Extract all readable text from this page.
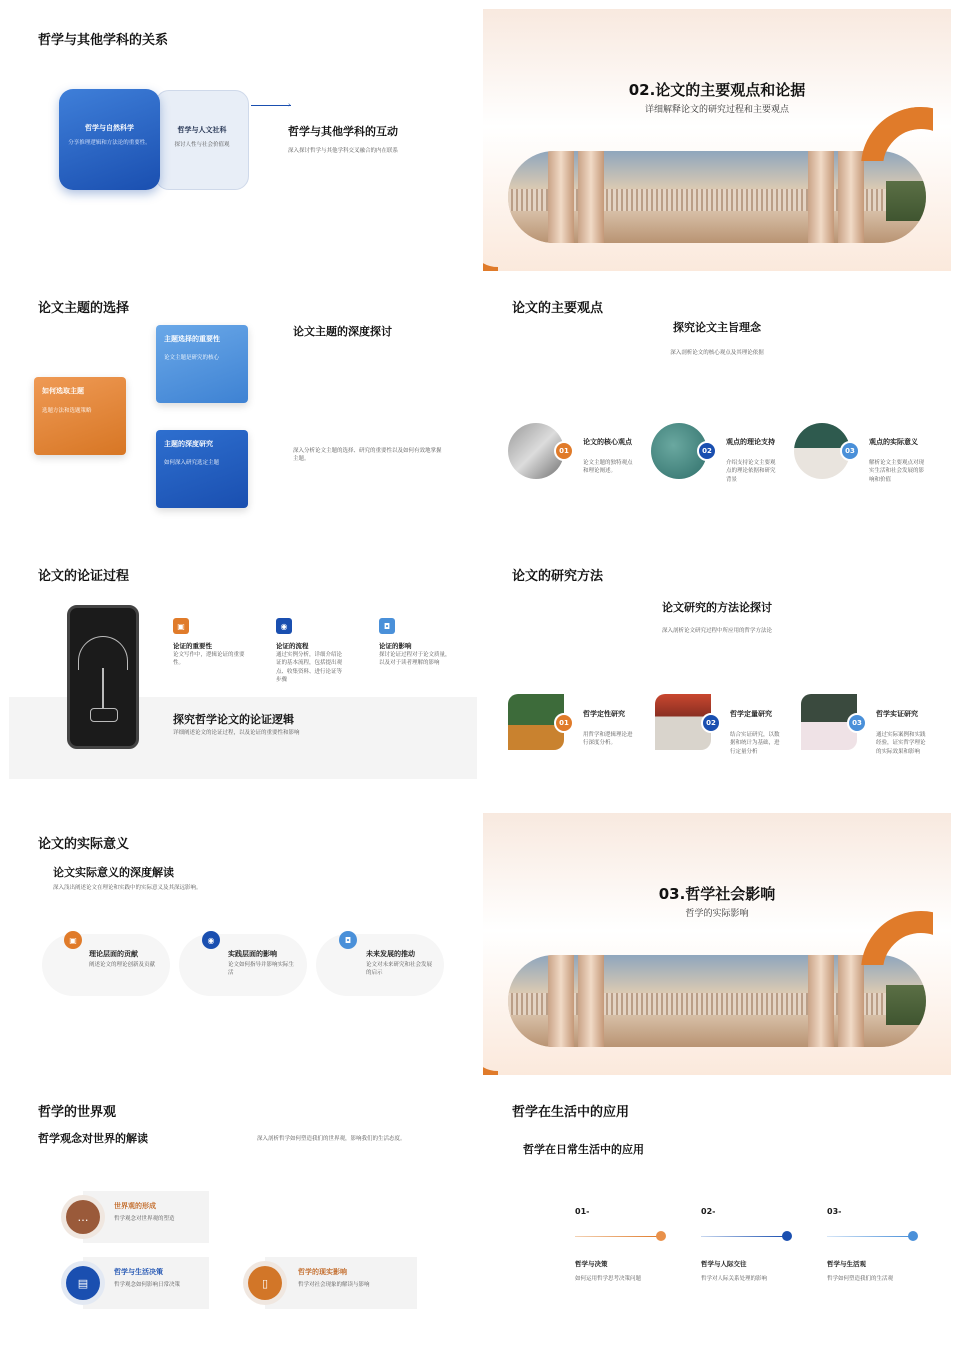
哲学与其他学科的关系
哲学与人文社科
探讨人性与社会价值观
哲学与自然科学
分享推理逻辑和方法论的重要性。
›
哲学与其他学科的互动
深入探讨哲学与其他学科交叉融合的内在联系
02.论文的主要观点和论据
详细解释论文的研究过程和主要观点
论文主题的选择
如何选取主题
选题方法和选题策略
主题选择的重要性
论文主题是研究的核心
主题的深度研究
如何深入研究选定主题
论文主题的深度探讨
深入分析论文主题的选择、研究的重要性以及如何有效地掌握主题。
论文的主要观点
探究论文主旨理念
深入剖析论文的核心观点及其理论依据
01
论文的核心观点
论文主题的独特观点和理论阐述。
02
观点的理论支持
介绍支持论文主要观点的理论依据和研究背景
03
观点的实际意义
解析论文主要观点对现实生活和社会发展的影响和价值
论文的论证过程
▣
论证的重要性
论文写作中，逻辑论证的重要性。
◉
论证的流程
通过实例分析，详细介绍论证的基本流程，包括提出观点、收集资料、进行论证等步骤
◘
论证的影响
探讨论证过程对于论文质量，以及对于读者理解的影响
探究哲学论文的论证逻辑
详细阐述论文的论证过程，以及论证的重要性和影响
论文的研究方法
论文研究的方法论探讨
深入剖析论文研究过程中所应用的哲学方法论
01
哲学定性研究
用哲学和逻辑理论进行深度分析。
02
哲学定量研究
结合实证研究，以数据和统计为基础，进行定量分析
03
哲学实证研究
通过实际案例和实践经验，证实哲学理论的实际效果和影响
论文的实际意义
论文实际意义的深度解读
深入浅出阐述论文在理论和实践中的实际意义及其深远影响。
▣
理论层面的贡献
阐述论文的理论创新及贡献
◉
实践层面的影响
论文如何指导并影响实际生活
◘
未来发展的推动
论文对未来研究和社会发展的启示
03.哲学社会影响
哲学的实际影响
哲学的世界观
哲学观念对世界的解读	深入剖析哲学如何塑造我们的世界观，影响我们的生活态度。
…
世界观的形成
哲学观念对世界观的塑造
▤
哲学与生活决策
哲学观念如何影响日常决策	▯
哲学的现实影响
哲学对社会现象的解读与影响
哲学在生活中的应用
哲学在日常生活中的应用
01-
哲学与决策
如何运用哲学思考决策问题
02-
哲学与人际交往
哲学对人际关系处理的影响
03-
哲学与生活观
哲学如何塑造我们的生活观
